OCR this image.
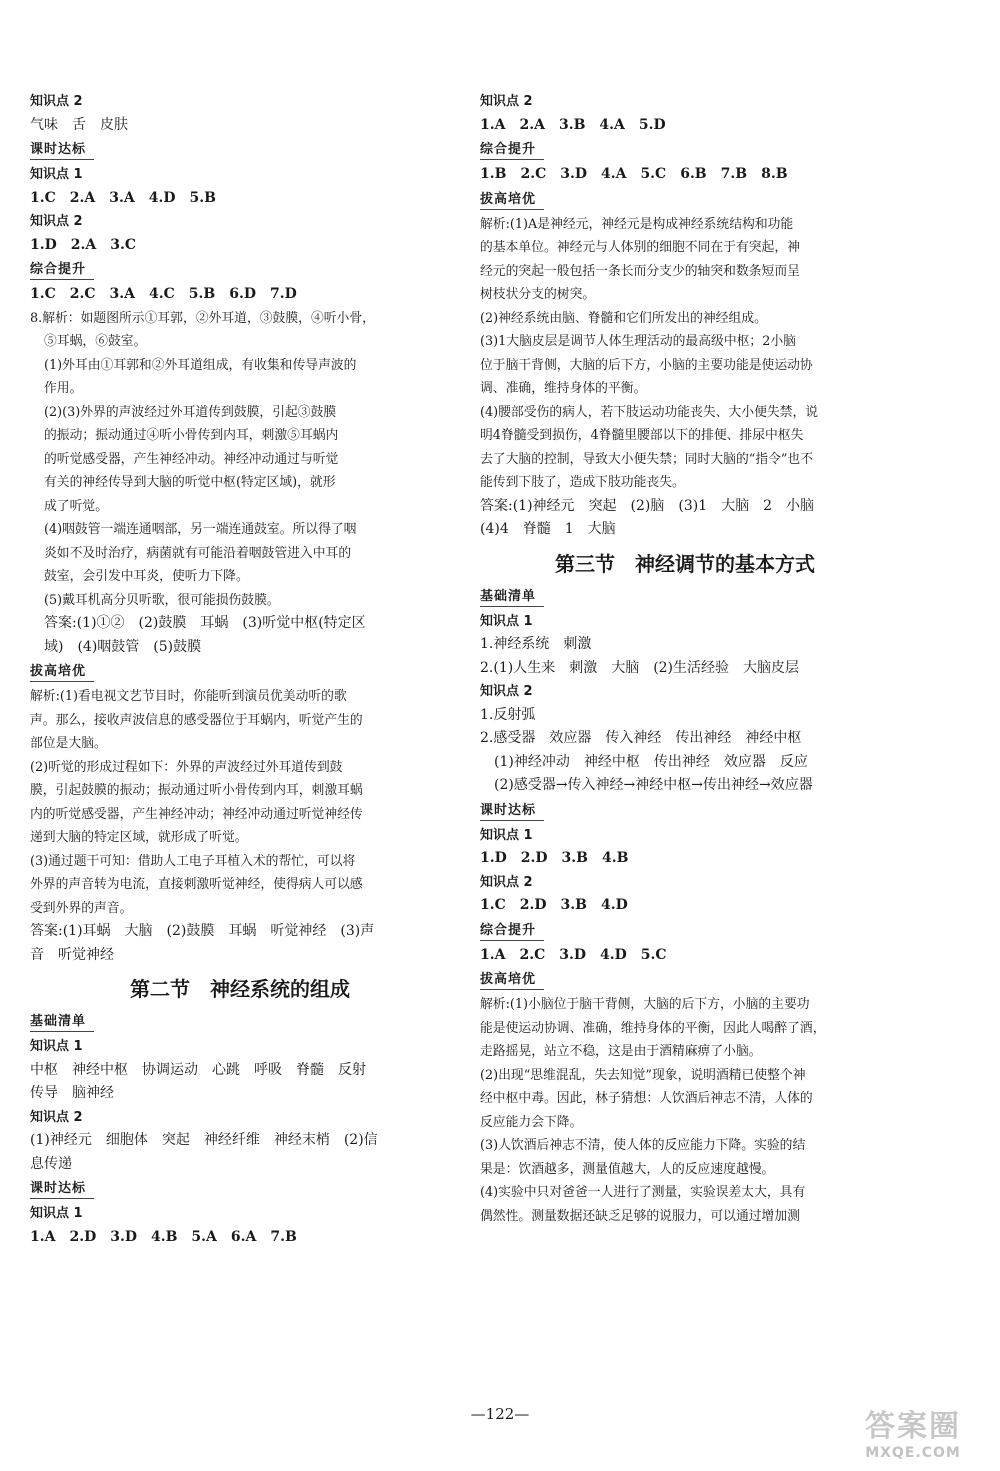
知识点 2
气味　舌　皮肤
课时达标
知识点 1
1.C　2.A　3.A　4.D　5.B
知识点 2
1.D　2.A　3.C
综合提升
1.C　2.C　3.A　4.C　5.B　6.D　7.D
8.解析：如题图所示①耳郭，②外耳道，③鼓膜，④听小骨，
⑤耳蜗，⑥鼓室。
(1)外耳由①耳郭和②外耳道组成，有收集和传导声波的
作用。
(2)(3)外界的声波经过外耳道传到鼓膜，引起③鼓膜
的振动；振动通过④听小骨传到内耳，刺激⑤耳蜗内
的听觉感受器，产生神经冲动。神经冲动通过与听觉
有关的神经传导到大脑的听觉中枢(特定区域)，就形
成了听觉。
(4)咽鼓管一端连通咽部，另一端连通鼓室。所以得了咽
炎如不及时治疗，病菌就有可能沿着咽鼓管进入中耳的
鼓室，会引发中耳炎，使听力下降。
(5)戴耳机高分贝听歌，很可能损伤鼓膜。
答案:(1)①②　(2)鼓膜　耳蜗　(3)听觉中枢(特定区
域)　(4)咽鼓管　(5)鼓膜
拔高培优
解析:(1)看电视文艺节目时，你能听到演员优美动听的歌
声。那么，接收声波信息的感受器位于耳蜗内，听觉产生的
部位是大脑。
(2)听觉的形成过程如下：外界的声波经过外耳道传到鼓
膜，引起鼓膜的振动；振动通过听小骨传到内耳，刺激耳蜗
内的听觉感受器，产生神经冲动；神经冲动通过听觉神经传
递到大脑的特定区域，就形成了听觉。
(3)通过题干可知：借助人工电子耳植入术的帮忙，可以将
外界的声音转为电流，直接刺激听觉神经，使得病人可以感
受到外界的声音。
答案:(1)耳蜗　大脑　(2)鼓膜　耳蜗　听觉神经　(3)声
音　听觉神经
第二节　神经系统的组成
基础清单
知识点 1
中枢　神经中枢　协调运动　心跳　呼吸　脊髓　反射
传导　脑神经
知识点 2
(1)神经元　细胞体　突起　神经纤维　神经末梢　(2)信
息传递
课时达标
知识点 1
1.A　2.D　3.D　4.B　5.A　6.A　7.B
知识点 2
1.A　2.A　3.B　4.A　5.D
综合提升
1.B　2.C　3.D　4.A　5.C　6.B　7.B　8.B
拔高培优
解析:(1)A是神经元，神经元是构成神经系统结构和功能
的基本单位。神经元与人体别的细胞不同在于有突起，神
经元的突起一般包括一条长而分支少的轴突和数条短而呈
树枝状分支的树突。
(2)神经系统由脑、脊髓和它们所发出的神经组成。
(3)1大脑皮层是调节人体生理活动的最高级中枢；2小脑
位于脑干背侧，大脑的后下方，小脑的主要功能是使运动协
调、准确，维持身体的平衡。
(4)腰部受伤的病人，若下肢运动功能丧失、大小便失禁，说
明4脊髓受到损伤，4脊髓里腰部以下的排便、排尿中枢失
去了大脑的控制，导致大小便失禁；同时大脑的“指令”也不
能传到下肢了，造成下肢功能丧失。
答案:(1)神经元　突起　(2)脑　(3)1　大脑　2　小脑
(4)4　脊髓　1　大脑
第三节　神经调节的基本方式
基础清单
知识点 1
1.神经系统　刺激
2.(1)人生来　刺激　大脑　(2)生活经验　大脑皮层
知识点 2
1.反射弧
2.感受器　效应器　传入神经　传出神经　神经中枢
(1)神经冲动　神经中枢　传出神经　效应器　反应
(2)感受器→传入神经→神经中枢→传出神经→效应器
课时达标
知识点 1
1.D　2.D　3.B　4.B
知识点 2
1.C　2.D　3.B　4.D
综合提升
1.A　2.C　3.D　4.D　5.C
拔高培优
解析:(1)小脑位于脑干背侧，大脑的后下方，小脑的主要功
能是使运动协调、准确，维持身体的平衡，因此人喝醉了酒，
走路摇晃，站立不稳，这是由于酒精麻痹了小脑。
(2)出现“思维混乱，失去知觉”现象，说明酒精已使整个神
经中枢中毒。因此，林子猜想：人饮酒后神志不清，人体的
反应能力会下降。
(3)人饮酒后神志不清，使人体的反应能力下降。实验的结
果是：饮酒越多，测量值越大，人的反应速度越慢。
(4)实验中只对爸爸一人进行了测量，实验误差太大，具有
偶然性。测量数据还缺乏足够的说服力，可以通过增加测
—122—	答案圈
MXQE.COM
